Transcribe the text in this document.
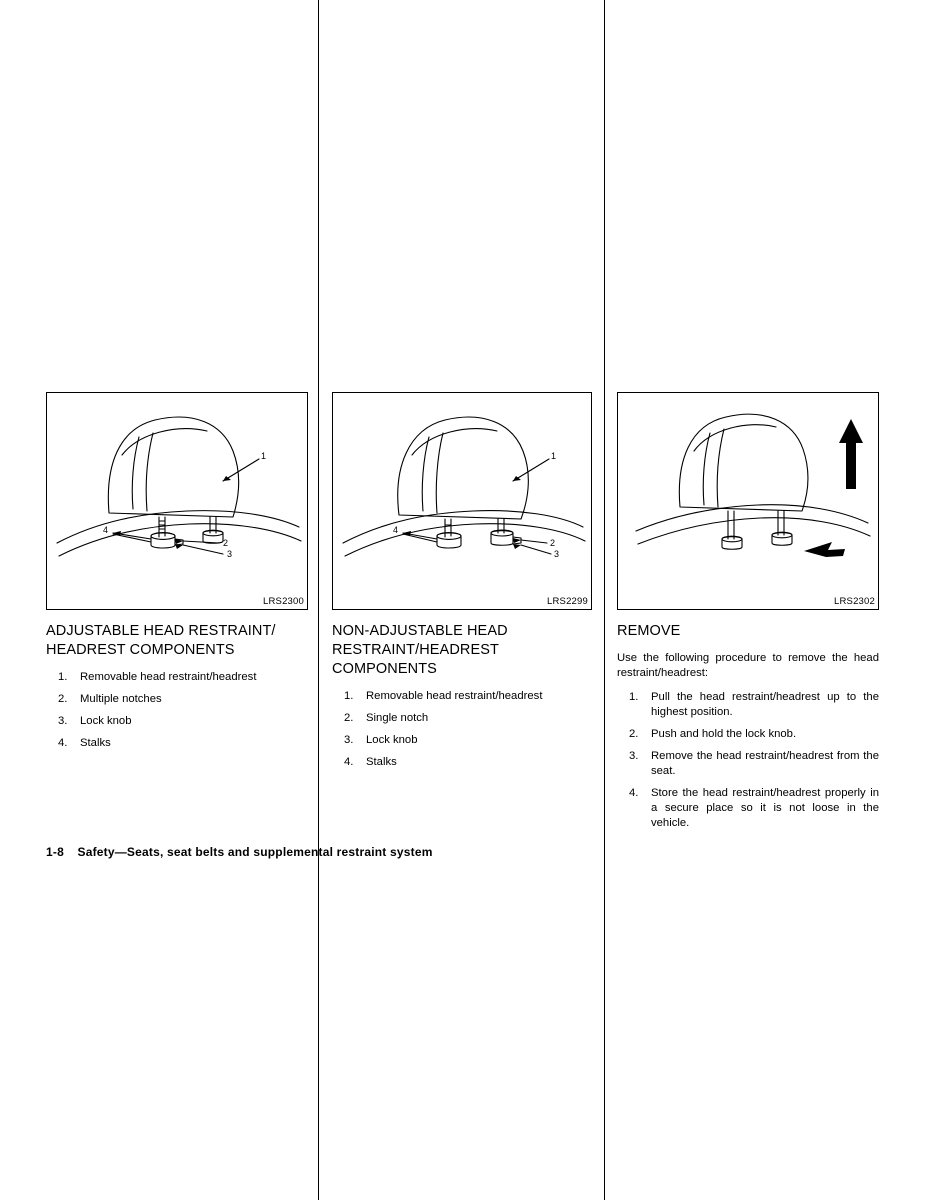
1
2
3
4
LRS2300
ADJUSTABLE HEAD RESTRAINT/
HEADREST COMPONENTS
1.	Removable head restraint/headrest
2.	Multiple notches
3.	Lock knob
4.	Stalks
1
2
3
4
LRS2299
NON-ADJUSTABLE HEAD
RESTRAINT/HEADREST
COMPONENTS
1.	Removable head restraint/headrest
2.	Single notch
3.	Lock knob
4.	Stalks
LRS2302
REMOVE

Use the following procedure to remove the head restraint/headrest:

1.	Pull the head restraint/headrest up to the highest position.
2.	Push and hold the lock knob.
3.	Remove the head restraint/headrest from the seat.
4.	Store the head restraint/headrest properly in a secure place so it is not loose in the vehicle.
1-8 Safety—Seats, seat belts and supplemental restraint system
